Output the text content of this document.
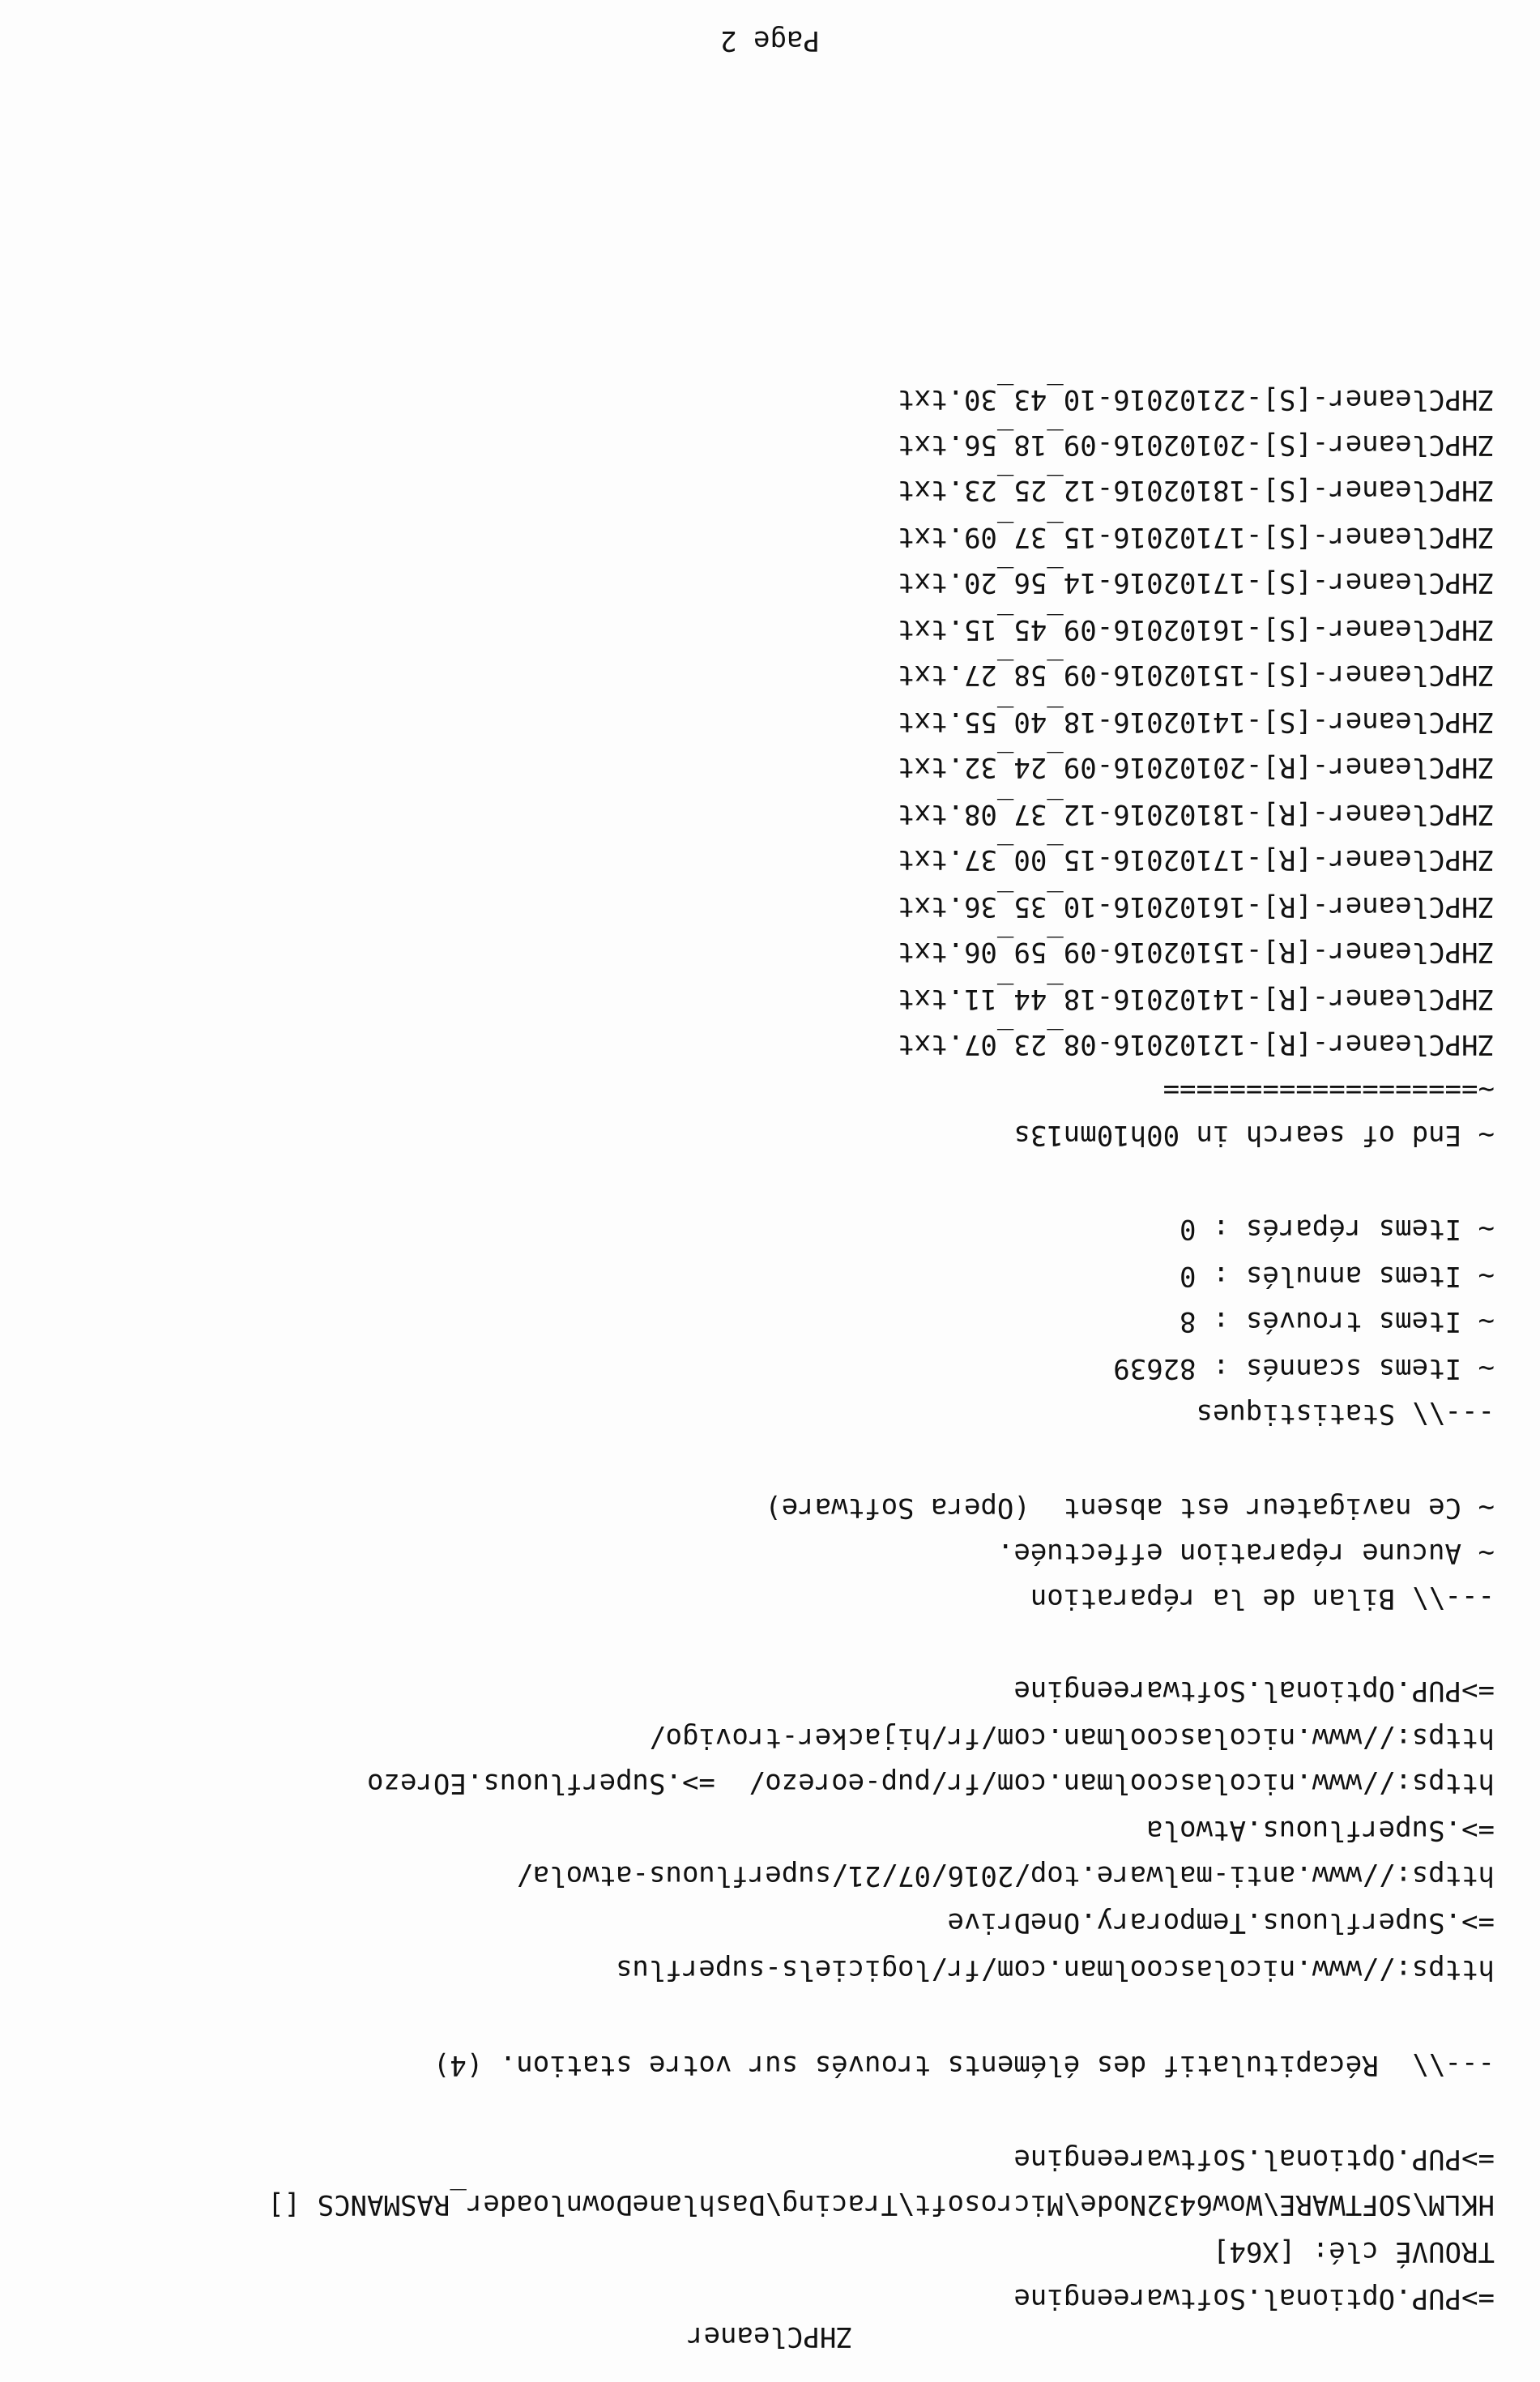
ZHPCleaner
=>PUP.Optional.Softwareengine
TROUVÉ clé: [X64]
HKLM\SOFTWARE\Wow6432Node\Microsoft\Tracing\DashlaneDownloader_RASMANCS []
=>PUP.Optional.Softwareengine
---\\  Récapitulatif des éléments trouvés sur votre station. (4)
https://www.nicolascoolman.com/fr/logiciels-superflus
=>.Superfluous.Temporary.OneDrive
https://www.anti-malware.top/2016/07/21/superfluous-atwola/
=>.Superfluous.Atwola
https://www.nicolascoolman.com/fr/pup-eorezo/  =>.Superfluous.EOrezo
https://www.nicolascoolman.com/fr/hijacker-trovigo/
=>PUP.Optional.Softwareengine
---\\ Bilan de la réparation
~ Aucune réparation effectuée.
~ Ce navigateur est absent  (Opera Software)
---\\ Statistiques
~ Items scannés : 82639
~ Items trouvés : 8
~ Items annulés : 0
~ Items réparés : 0
~ End of search in 00h10mn13s
~===================
ZHPCleaner-[R]-12102016-08_23_07.txt
ZHPCleaner-[R]-14102016-18_44_11.txt
ZHPCleaner-[R]-15102016-09_59_06.txt
ZHPCleaner-[R]-16102016-10_35_36.txt
ZHPCleaner-[R]-17102016-15_00_37.txt
ZHPCleaner-[R]-18102016-12_37_08.txt
ZHPCleaner-[R]-20102016-09_24_32.txt
ZHPCleaner-[S]-14102016-18_40_55.txt
ZHPCleaner-[S]-15102016-09_58_27.txt
ZHPCleaner-[S]-16102016-09_45_15.txt
ZHPCleaner-[S]-17102016-14_56_20.txt
ZHPCleaner-[S]-17102016-15_37_09.txt
ZHPCleaner-[S]-18102016-12_25_23.txt
ZHPCleaner-[S]-20102016-09_18_56.txt
ZHPCleaner-[S]-22102016-10_43_30.txt
Page 2
